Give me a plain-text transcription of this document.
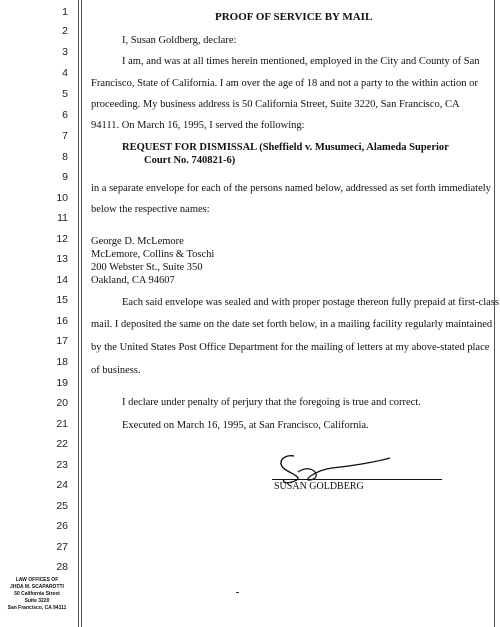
1
2
3
4
5
6
7
8
9
10
11
12
13
14
15
16
17
18
19
20
21
22
23
24
25
26
27
28
PROOF OF SERVICE BY MAIL
I, Susan Goldberg, declare:
I am, and was at all times herein mentioned, employed in the City and County of San
Francisco, State of California. I am over the age of 18 and not a party to the within action or
proceeding. My business address is 50 California Street, Suite 3220, San Francisco, CA
94111. On March 16, 1995, I served the following:
REQUEST FOR DISMISSAL (Sheffield v. Musumeci, Alameda Superior
Court No. 740821-6)
in a separate envelope for each of the persons named below, addressed as set forth immediately
below the respective names:
George D. McLemore
McLemore, Collins & Toschi
200 Webster St., Suite 350
Oakland, CA 94607
Each said envelope was sealed and with proper postage thereon fully prepaid at first-class
mail. I deposited the same on the date set forth below, in a mailing facility regularly maintained
by the United States Post Office Department for the mailing of letters at my above-stated place
of business.
I declare under penalty of perjury that the foregoing is true and correct.
Executed on March 16, 1995, at San Francisco, California.
SUSAN GOLDBERG
LAW OFFICES OF
JHDA M. SCAPAROTTI
50 California Street
Suite 3220
San Francisco, CA 94111
